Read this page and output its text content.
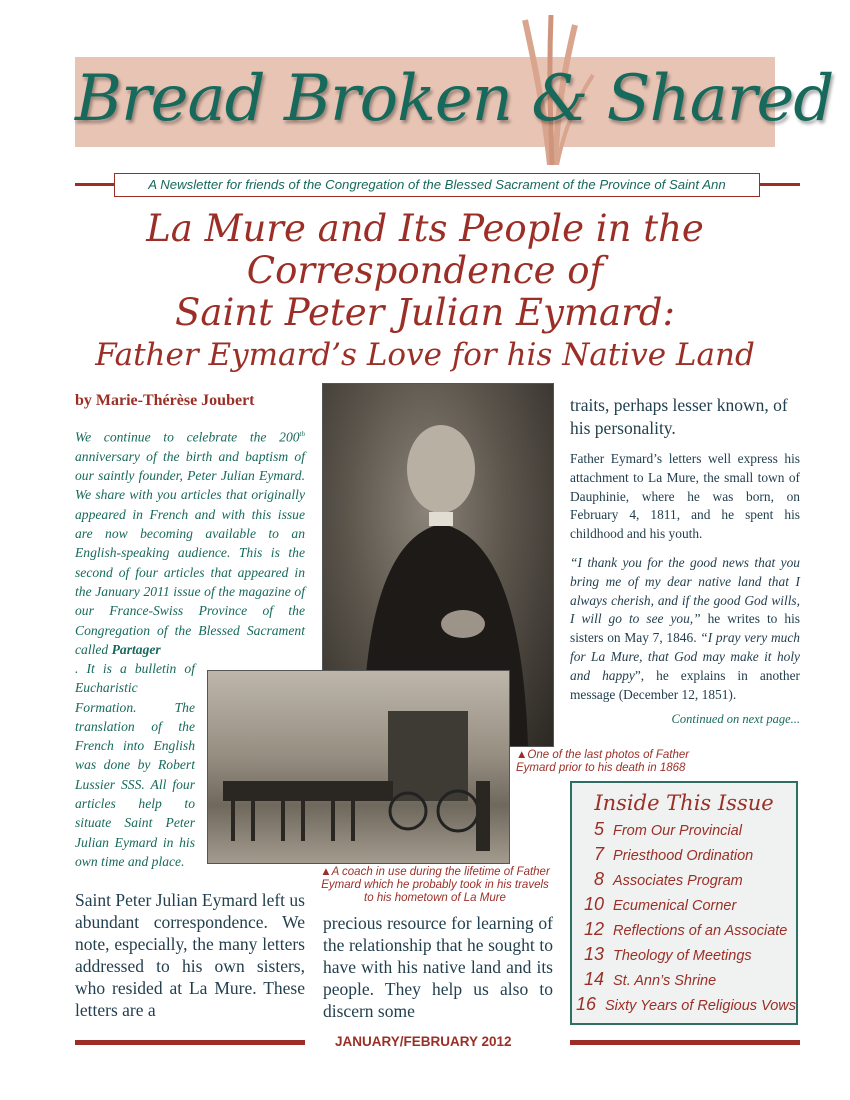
Bread Broken & Shared
A Newsletter for friends of the Congregation of the Blessed Sacrament of the Province of Saint Ann
La Mure and Its People in the
Correspondence of
Saint Peter Julian Eymard:
Father Eymard’s Love for his Native Land
by Marie-Thérèse Joubert
We continue to celebrate the 200th anniversary of the birth and baptism of our saintly founder, Peter Julian Eymard. We share with you articles that originally appeared in French and with this issue are now becoming available to an English-speaking audience. This is the second of four articles that appeared in the January 2011 issue of the magazine of our France-Swiss Province of the Congregation of the Blessed Sacrament called Partager
. It is a bulletin of Eucharistic Formation. The translation of the French into English was done by Robert Lussier SSS. All four articles help to situate Saint Peter Julian Eymard in his own time and place.
▲One of the last photos of Father Eymard prior to his death in 1868
▲A coach in use during the lifetime of Father Eymard which he probably took in his travels to his hometown of La Mure
Saint Peter Julian Eymard left us abundant correspondence. We note, especially, the many letters addressed to his own sisters, who resided at La Mure. These letters are a
precious resource for learning of the relationship that he sought to have with his native land and its people. They help us also to discern some
traits, perhaps lesser known, of his personality.
Father Eymard’s letters well express his attachment to La Mure, the small town of Dauphinie, where he was born, on February 4, 1811, and he spent his childhood and his youth.
“I thank you for the good news that you bring me of my dear native land that I always cherish, and if the good God wills, I will go to see you,” he writes to his sisters on May 7, 1846. “I pray very much for La Mure, that God may make it holy and happy”, he explains in another message (December 12, 1851).
Continued on next page...
Inside This Issue
5 From Our Provincial
7 Priesthood Ordination
8 Associates Program
10 Ecumenical Corner
12 Reflections of an Associate
13 Theology of Meetings
14 St. Ann’s Shrine
16 Sixty Years of Religious Vows
JANUARY/FEBRUARY 2012
